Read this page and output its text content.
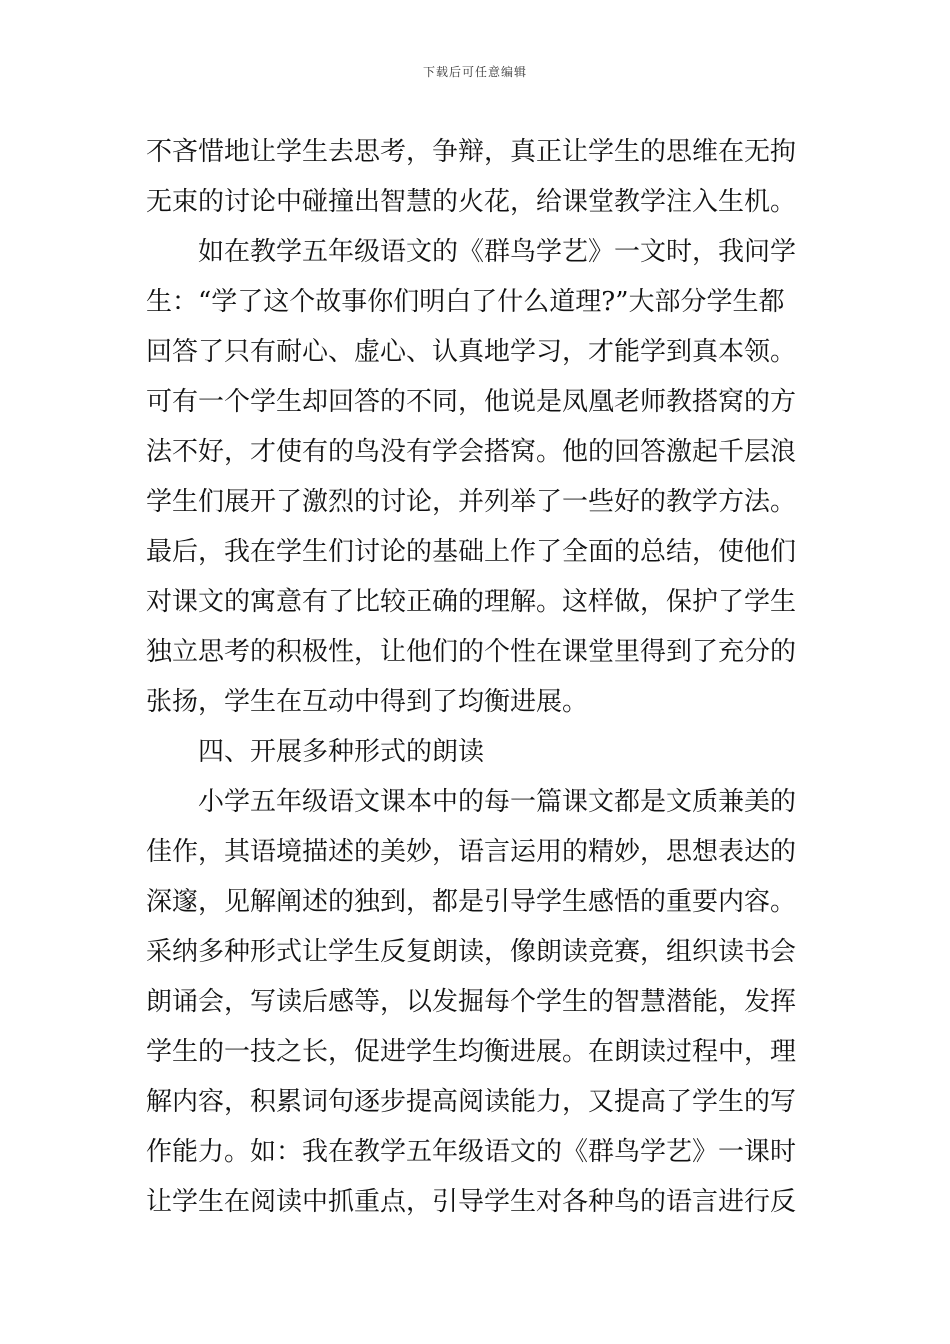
下载后可任意编辑
不吝惜地让学生去思考，争辩，真正让学生的思维在无拘
无束的讨论中碰撞出智慧的火花，给课堂教学注入生机。
如在教学五年级语文的《群鸟学艺》一文时，我问学
生：“学了这个故事你们明白了什么道理?”大部分学生都
回答了只有耐心、虚心、认真地学习，才能学到真本领。
可有一个学生却回答的不同，他说是凤凰老师教搭窝的方
法不好，才使有的鸟没有学会搭窝。他的回答激起千层浪
学生们展开了激烈的讨论，并列举了一些好的教学方法。
最后，我在学生们讨论的基础上作了全面的总结，使他们
对课文的寓意有了比较正确的理解。这样做，保护了学生
独立思考的积极性，让他们的个性在课堂里得到了充分的
张扬，学生在互动中得到了均衡进展。
四、开展多种形式的朗读
小学五年级语文课本中的每一篇课文都是文质兼美的
佳作，其语境描述的美妙，语言运用的精妙，思想表达的
深邃，见解阐述的独到，都是引导学生感悟的重要内容。
采纳多种形式让学生反复朗读，像朗读竞赛，组织读书会
朗诵会，写读后感等，以发掘每个学生的智慧潜能，发挥
学生的一技之长，促进学生均衡进展。在朗读过程中，理
解内容，积累词句逐步提高阅读能力，又提高了学生的写
作能力。如：我在教学五年级语文的《群鸟学艺》一课时
让学生在阅读中抓重点，引导学生对各种鸟的语言进行反
